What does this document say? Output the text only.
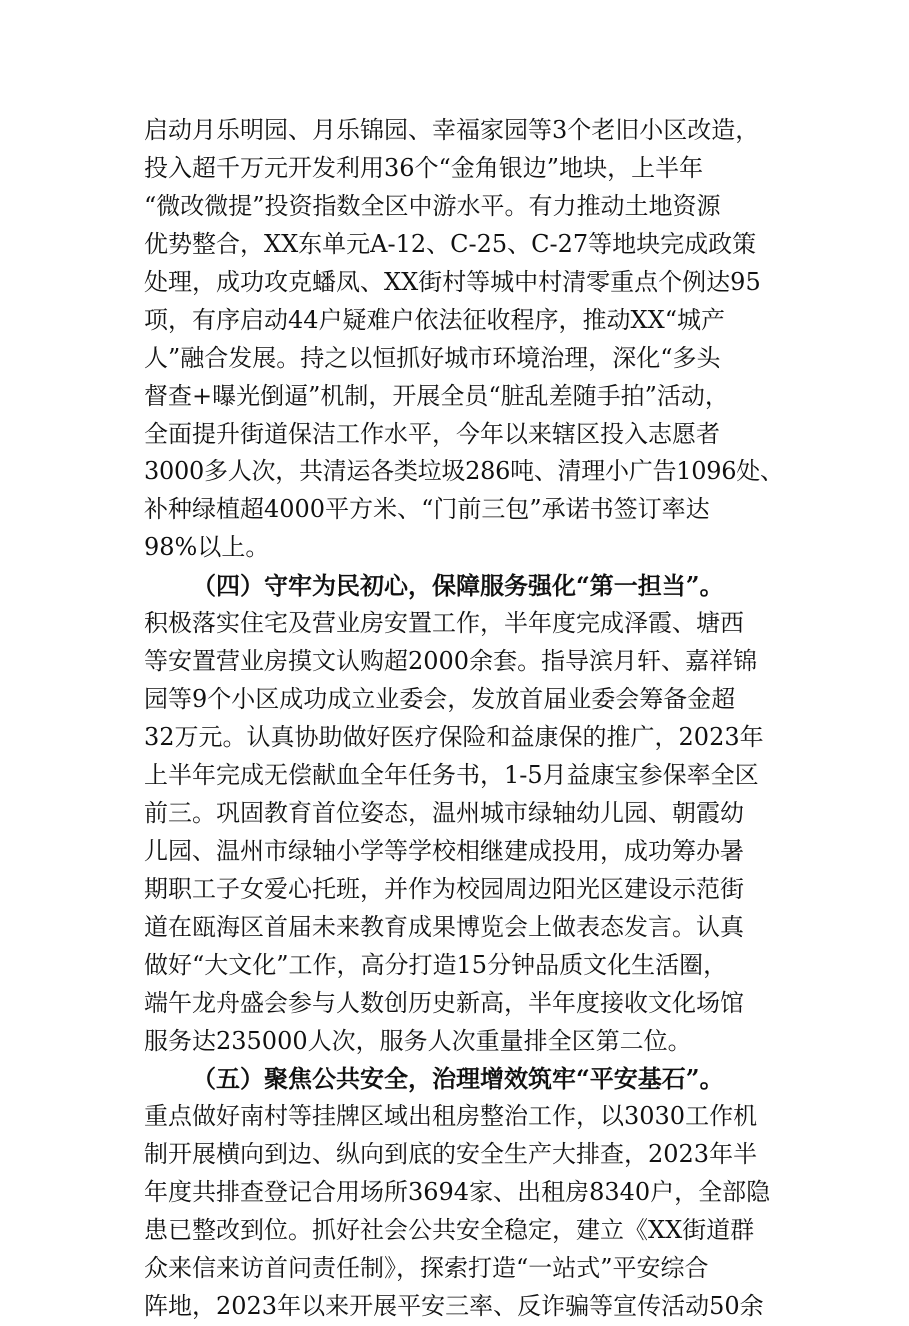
启动月乐明园、月乐锦园、幸福家园等3个老旧小区改造，
投入超千万元开发利用36个“金角银边”地块，上半年
“微改微提”投资指数全区中游水平。有力推动土地资源
优势整合，XX东单元A-12、C-25、C-27等地块完成政策
处理，成功攻克蟠凤、XX街村等城中村清零重点个例达95
项，有序启动44户疑难户依法征收程序，推动XX“城产
人”融合发展。持之以恒抓好城市环境治理，深化“多头
督查+曝光倒逼”机制，开展全员“脏乱差随手拍”活动，
全面提升街道保洁工作水平，今年以来辖区投入志愿者
3000多人次，共清运各类垃圾286吨、清理小广告1096处、
补种绿植超4000平方米、“门前三包”承诺书签订率达
98%以上。
（四）守牢为民初心，保障服务强化“第一担当”。
积极落实住宅及营业房安置工作，半年度完成泽霞、塘西
等安置营业房摸文认购超2000余套。指导滨月轩、嘉祥锦
园等9个小区成功成立业委会，发放首届业委会筹备金超
32万元。认真协助做好医疗保险和益康保的推广，2023年
上半年完成无偿献血全年任务书，1-5月益康宝参保率全区
前三。巩固教育首位姿态，温州城市绿轴幼儿园、朝霞幼
儿园、温州市绿轴小学等学校相继建成投用，成功筹办暑
期职工子女爱心托班，并作为校园周边阳光区建设示范街
道在瓯海区首届未来教育成果博览会上做表态发言。认真
做好“大文化”工作，高分打造15分钟品质文化生活圈，
端午龙舟盛会参与人数创历史新高，半年度接收文化场馆
服务达235000人次，服务人次重量排全区第二位。
（五）聚焦公共安全，治理增效筑牢“平安基石”。
重点做好南村等挂牌区域出租房整治工作，以3030工作机
制开展横向到边、纵向到底的安全生产大排查，2023年半
年度共排查登记合用场所3694家、出租房8340户，全部隐
患已整改到位。抓好社会公共安全稳定，建立《XX街道群
众来信来访首问责任制》，探索打造“一站式”平安综合
阵地，2023年以来开展平安三率、反诈骗等宣传活动50余
